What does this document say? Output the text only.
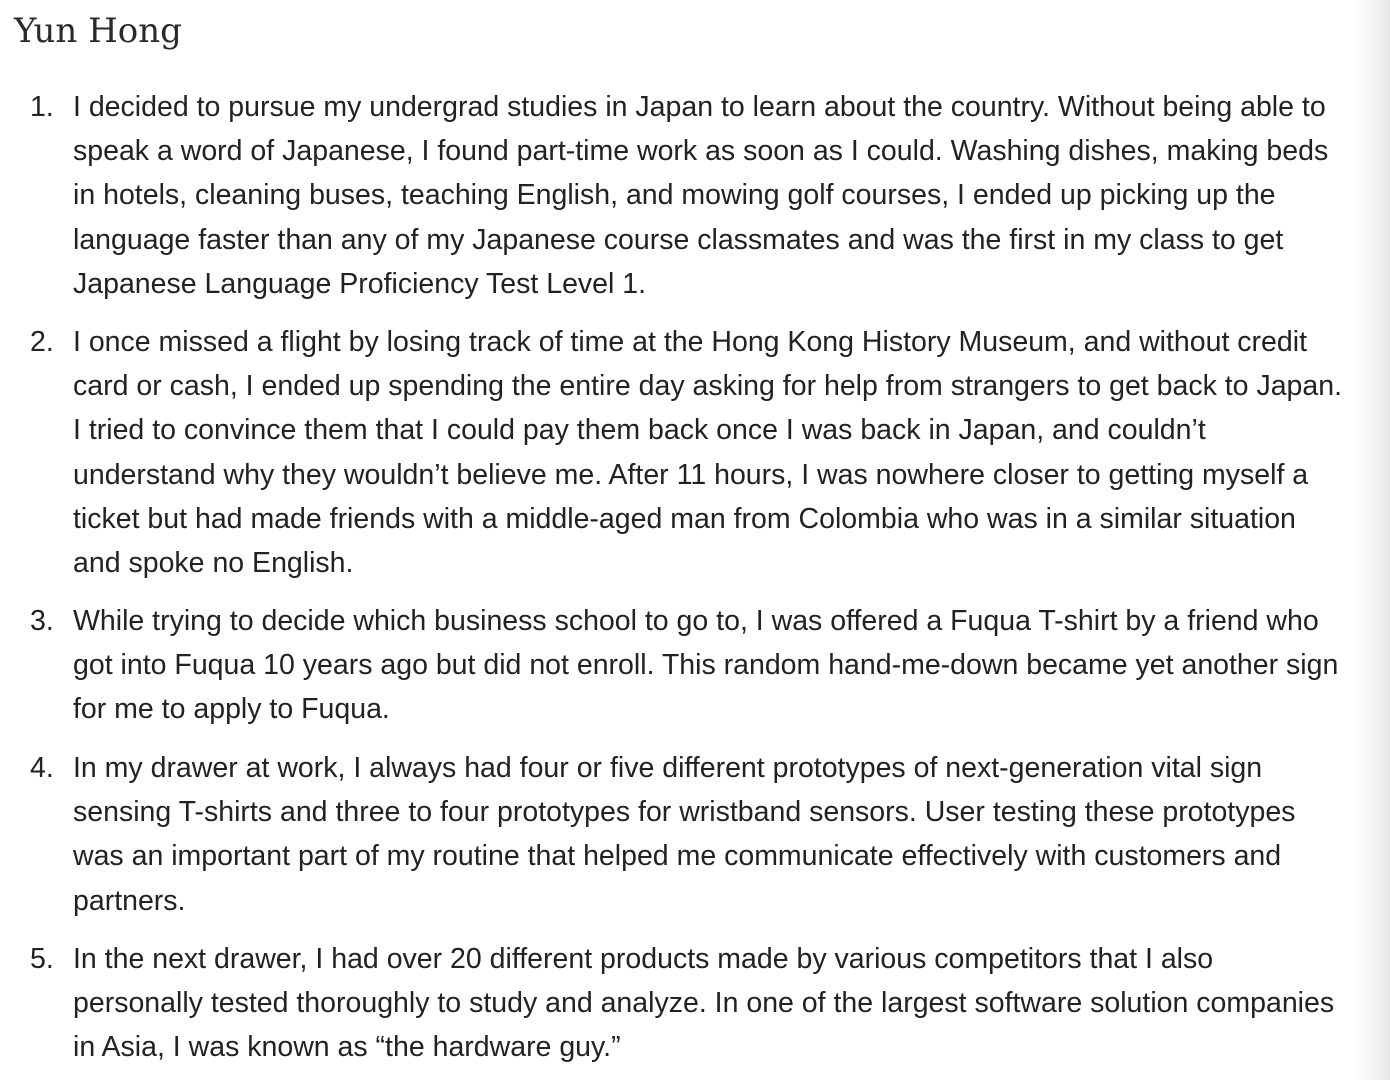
Yun Hong
1. I decided to pursue my undergrad studies in Japan to learn about the country. Without being able to
speak a word of Japanese, I found part-time work as soon as I could. Washing dishes, making beds
in hotels, cleaning buses, teaching English, and mowing golf courses, I ended up picking up the
language faster than any of my Japanese course classmates and was the first in my class to get
Japanese Language Proficiency Test Level 1.
2. I once missed a flight by losing track of time at the Hong Kong History Museum, and without credit
card or cash, I ended up spending the entire day asking for help from strangers to get back to Japan.
I tried to convince them that I could pay them back once I was back in Japan, and couldn’t
understand why they wouldn’t believe me. After 11 hours, I was nowhere closer to getting myself a
ticket but had made friends with a middle-aged man from Colombia who was in a similar situation
and spoke no English.
3. While trying to decide which business school to go to, I was offered a Fuqua T-shirt by a friend who
got into Fuqua 10 years ago but did not enroll. This random hand-me-down became yet another sign
for me to apply to Fuqua.
4. In my drawer at work, I always had four or five different prototypes of next-generation vital sign
sensing T-shirts and three to four prototypes for wristband sensors. User testing these prototypes
was an important part of my routine that helped me communicate effectively with customers and
partners.
5. In the next drawer, I had over 20 different products made by various competitors that I also
personally tested thoroughly to study and analyze. In one of the largest software solution companies
in Asia, I was known as “the hardware guy.”
